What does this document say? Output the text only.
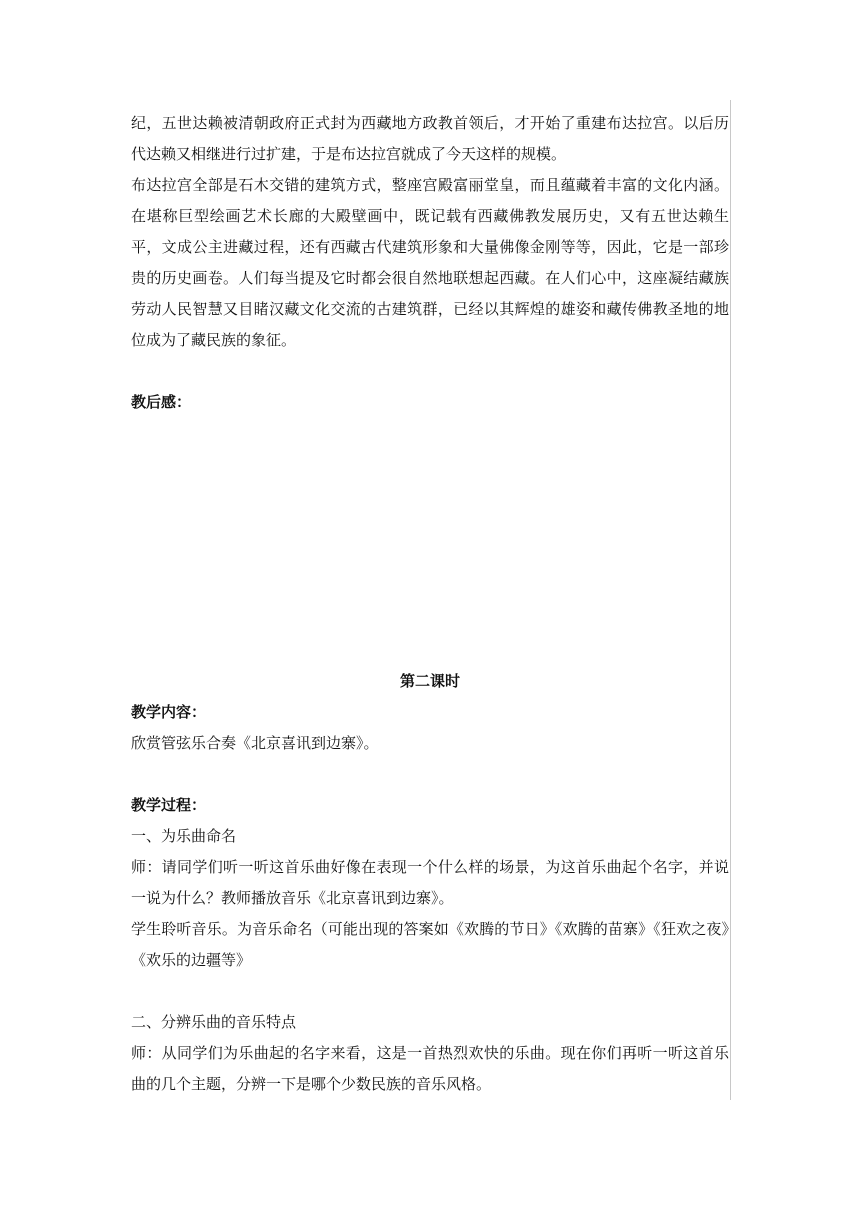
纪，五世达赖被清朝政府正式封为西藏地方政教首领后，才开始了重建布达拉宫。以后历代达赖又相继进行过扩建，于是布达拉宫就成了今天这样的规模。

布达拉宫全部是石木交错的建筑方式，整座宫殿富丽堂皇，而且蕴藏着丰富的文化内涵。在堪称巨型绘画艺术长廊的大殿壁画中，既记载有西藏佛教发展历史，又有五世达赖生平，文成公主进藏过程，还有西藏古代建筑形象和大量佛像金刚等等，因此，它是一部珍贵的历史画卷。人们每当提及它时都会很自然地联想起西藏。在人们心中，这座凝结藏族劳动人民智慧又目睹汉藏文化交流的古建筑群，已经以其辉煌的雄姿和藏传佛教圣地的地位成为了藏民族的象征。

教后感：

第二课时

教学内容：

欣赏管弦乐合奏《北京喜讯到边寨》。

教学过程：

一、为乐曲命名

师：请同学们听一听这首乐曲好像在表现一个什么样的场景，为这首乐曲起个名字，并说一说为什么？教师播放音乐《北京喜讯到边寨》。

学生聆听音乐。为音乐命名（可能出现的答案如《欢腾的节日》《欢腾的苗寨》《狂欢之夜》《欢乐的边疆等》

二、分辨乐曲的音乐特点

师：从同学们为乐曲起的名字来看，这是一首热烈欢快的乐曲。现在你们再听一听这首乐曲的几个主题，分辨一下是哪个少数民族的音乐风格。
